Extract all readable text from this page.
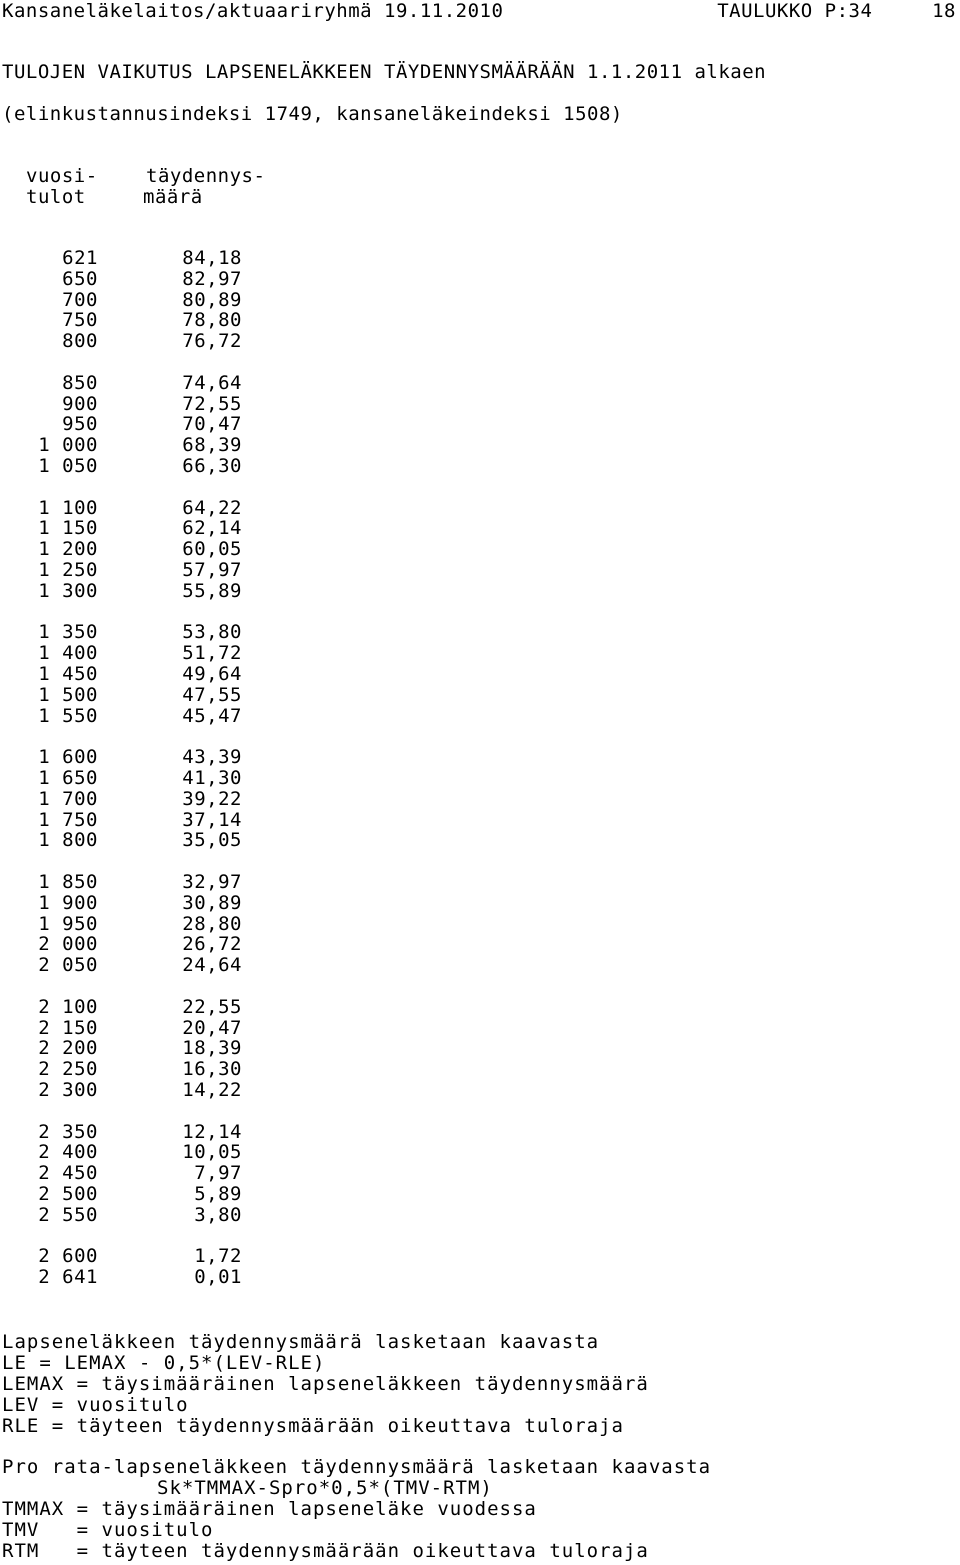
Kansaneläkelaitos/aktuaariryhmä 19.11.2010	TAULUKKO P:34	18
TULOJEN VAIKUTUS LAPSENELÄKKEEN TÄYDENNYSMÄÄRÄÄN 1.1.2011 alkaen
(elinkustannusindeksi 1749, kansaneläkeindeksi 1508)
vuosi-
tulot
täydennys-
määrä
621	84,18
650	82,97
700	80,89
750	78,80
800	76,72
850	74,64
900	72,55
950	70,47
1 000	68,39
1 050	66,30
1 100	64,22
1 150	62,14
1 200	60,05
1 250	57,97
1 300	55,89
1 350	53,80
1 400	51,72
1 450	49,64
1 500	47,55
1 550	45,47
1 600	43,39
1 650	41,30
1 700	39,22
1 750	37,14
1 800	35,05
1 850	32,97
1 900	30,89
1 950	28,80
2 000	26,72
2 050	24,64
2 100	22,55
2 150	20,47
2 200	18,39
2 250	16,30
2 300	14,22
2 350	12,14
2 400	10,05
2 450	7,97
2 500	5,89
2 550	3,80
2 600	1,72
2 641	0,01
Lapseneläkkeen täydennysmäärä lasketaan kaavasta
LE = LEMAX - 0,5*(LEV-RLE)
LEMAX = täysimääräinen lapseneläkkeen täydennysmäärä
LEV = vuositulo
RLE = täyteen täydennysmäärään oikeuttava tuloraja
Pro rata-lapseneläkkeen täydennysmäärä lasketaan kaavasta
Sk*TMMAX-Spro*0,5*(TMV-RTM)
TMMAX = täysimääräinen lapseneläke vuodessa
TMV   = vuositulo
RTM   = täyteen täydennysmäärään oikeuttava tuloraja
